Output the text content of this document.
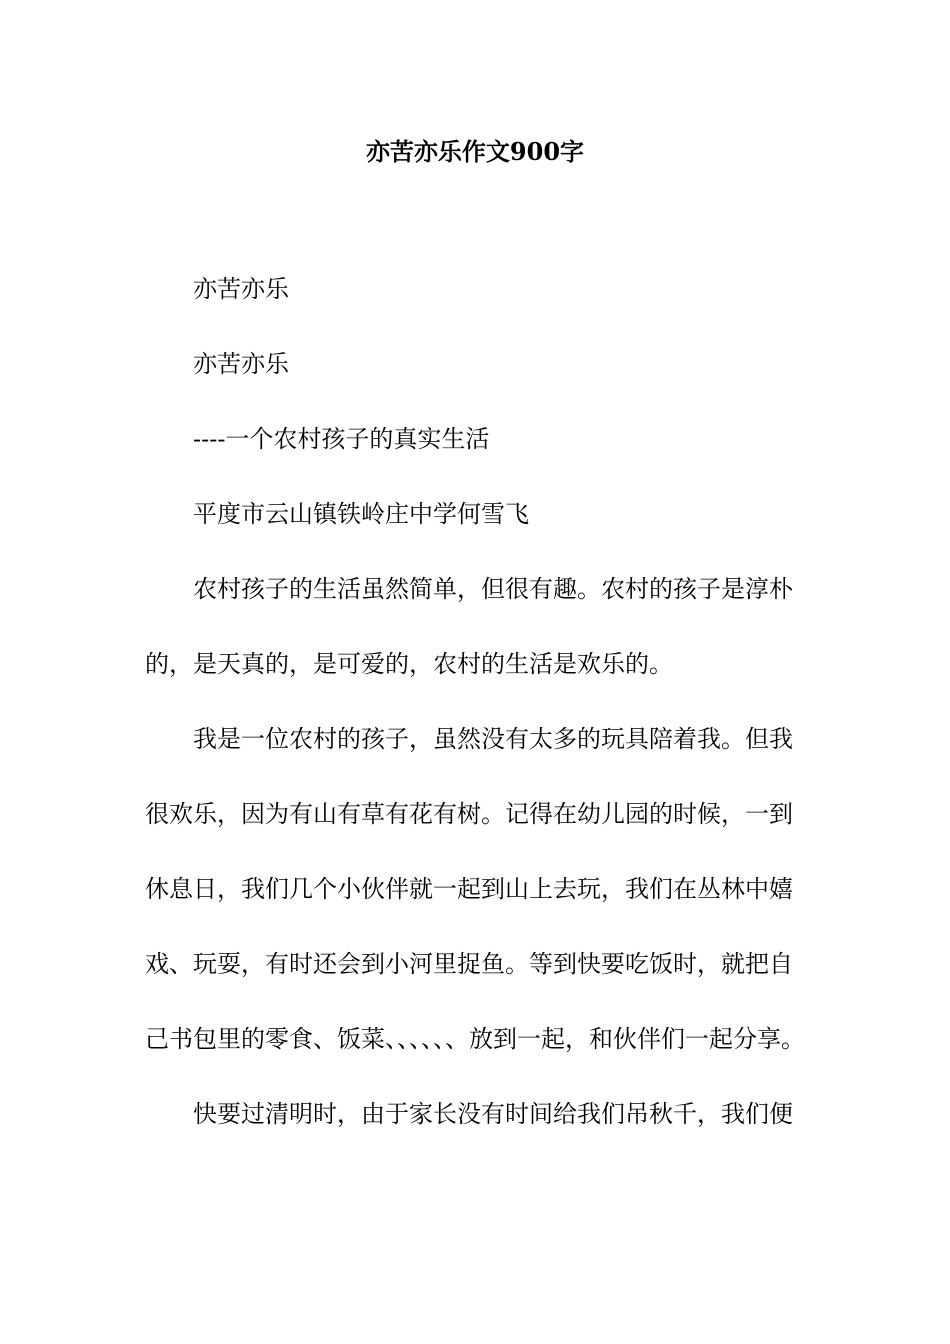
亦苦亦乐作文900字

亦苦亦乐

亦苦亦乐

----一个农村孩子的真实生活

平度市云山镇铁岭庄中学何雪飞

农村孩子的生活虽然简单，但很有趣。农村的孩子是淳朴的，是天真的，是可爱的，农村的生活是欢乐的。

我是一位农村的孩子，虽然没有太多的玩具陪着我。但我很欢乐，因为有山有草有花有树。记得在幼儿园的时候，一到休息日，我们几个小伙伴就一起到山上去玩，我们在丛林中嬉戏、玩耍，有时还会到小河里捉鱼。等到快要吃饭时，就把自己书包里的零食、饭菜、、、、、、放到一起，和伙伴们一起分享。

快要过清明时，由于家长没有时间给我们吊秋千，我们便
